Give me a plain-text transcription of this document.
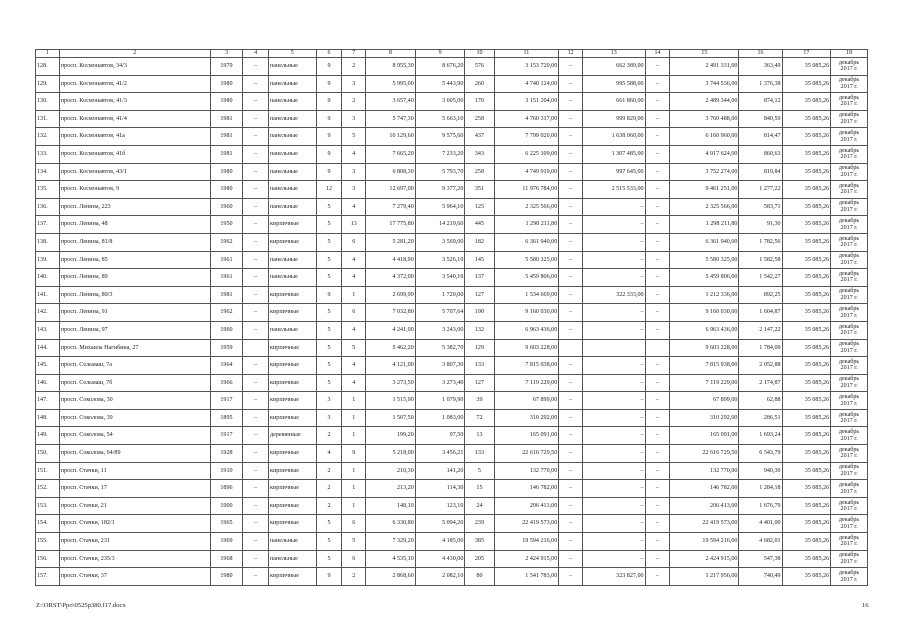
1	2	3	4	5	6	7	8	9	10	11	12	13	14	15	16	17	18
128.	просп. Космонавтов, 34/3	1979	–	панельные	9	2	8 955,30	8 676,20	576	3 153 720,00	–	662 389,00	–	2 491 331,00	363,49	35 085,26	декабрь
2017 г.

129.	просп. Космонавтов, 41/2	1980	–	панельные	9	3	5 995,00	5 443,90	260	4 740 124,00	–	995 588,00	–	3 744 536,00	1 376,38	35 085,26	декабрь
2017 г.

130.	просп. Космонавтов, 41/3	1980	–	панельные	9	2	3 657,40	3 605,00	170	3 151 204,00	–	661 860,00	–	2 489 344,00	874,12	35 085,26	декабрь
2017 г.

131.	просп. Космонавтов, 41/4	1981	–	панельные	9	3	5 747,30	5 663,10	258	4 760 317,00	–	999 829,00	–	3 760 488,00	840,59	35 085,26	декабрь
2017 г.

132.	просп. Космонавтов, 41а	1981	–	панельные	9	5	10 129,60	9 575,60	437	7 799 020,00	–	1 638 060,00	–	6 160 960,00	814,47	35 085,26	декабрь
2017 г.

133.	просп. Космонавтов, 41б	1981	–	панельные	9	4	7 665,20	7 233,20	343	6 225 109,00	–	1 307 485,00	–	4 917 624,00	860,63	35 085,26	декабрь
2017 г.

134.	просп. Космонавтов, 43/1	1980	–	панельные	9	3	6 808,30	5 793,70	258	4 749 919,00	–	997 645,00	–	3 752 274,00	819,84	35 085,26	декабрь
2017 г.

135.	просп. Космонавтов, 9	1980	–	панельные	12	3	12 697,00	9 377,20	351	11 976 784,00	–	2 515 533,00	–	9 461 251,00	1 277,22	35 085,26	декабрь
2017 г.

136.	просп. Ленина, 223	1960	–	панельные	5	4	7 279,40	5 964,10	125	2 325 566,00	–	–	–	2 325 566,00	583,71	35 085,26	декабрь
2017 г.

137.	просп. Ленина, 48	1950	–	кирпичные	5	13	17 775,80	14 219,60	445	1 298 211,80	–	–	–	1 298 211,80	91,30	35 085,26	декабрь
2017 г.

138.	просп. Ленина, 81/8	1962	–	кирпичные	5	6	5 281,20	3 569,00	182	6 361 940,00	–	–	–	6 361 940,00	1 782,56	35 085,26	декабрь
2017 г.

139.	просп. Ленина, 85	1961	–	панельные	5	4	4 418,90	3 526,10	145	5 580 325,00	–	–	–	5 580 325,00	1 582,58	35 085,26	декабрь
2017 г.

140.	просп. Ленина, 89	1961	–	панельные	5	4	4 372,00	3 540,10	137	5 459 806,00	–	–	–	5 459 806,00	1 542,27	35 085,26	декабрь
2017 г.

141.	просп. Ленина, 89/3	1981	–	кирпичные	9	1	2 699,90	1 720,00	127	1 534 669,00	–	322 333,00	–	1 212 336,00	892,25	35 085,26	декабрь
2017 г.

142.	просп. Ленина, 91	1962	–	кирпичные	5	6	7 032,80	5 707,64	190	9 160 030,00	–	–	–	9 160 030,00	1 604,87	35 085,26	декабрь
2017 г.

143.	просп. Ленина, 97	1960	–	панельные	5	4	4 241,00	3 243,00	132	6 963 436,00	–	–	–	6 963 436,00	2 147,22	35 085,26	декабрь
2017 г.

144.	просп. Михаила Нагибина, 27	1959		кирпичные	5	5	5 462,20	5 382,70	129	9 603 228,00				9 603 228,00	1 784,09	35 085,26	декабрь
2017 г.

145.	просп. Сельмаш, 7а	1964	–	кирпичные	5	4	4 121,00	3 807,30	133	7 815 938,00	–	–	–	7 815 938,00	2 052,88	35 085,26	декабрь
2017 г.

146.	просп. Сельмаш, 7б	1966	–	кирпичные	5	4	3 273,50	3 273,40	127	7 119 229,00	–	–	–	7 119 229,00	2 174,87	35 085,26	декабрь
2017 г.

147.	просп. Соколова, 30	1917	–	кирпичные	3	1	1 515,90	1 079,90	39	67 899,00	–	–	–	67 899,00	62,88	35 085,26	декабрь
2017 г.

148.	просп. Соколова, 39	1895	–	кирпичные	3	1	1 507,50	1 083,00	72	310 292,00	–	–	–	310 292,00	286,51	35 085,26	декабрь
2017 г.

149.	просп. Соколова, 54	1917	–	деревянные	2	1	199,20	97,50	13	165 091,00	–	–	–	165 091,00	1 693,24	35 085,26	декабрь
2017 г.

150.	просп. Соколова, 64/89	1928	–	кирпичные	4	9	5 218,00	3 456,21	133	22 616 729,50	–	–	–	22 616 729,50	6 543,79	35 085,26	декабрь
2017 г.

151.	просп. Стачки, 11	1910	–	кирпичные	2	1	210,30	141,20	5	132 770,00	–	–	–	132 770,00	940,30	35 085,26	декабрь
2017 г.

152.	просп. Стачки, 17	1896	–	кирпичные	2	1	213,20	114,30	15	146 782,00	–	–	–	146 782,00	1 284,18	35 085,26	декабрь
2017 г.

153.	просп. Стачки, 21	1900	–	кирпичные	2	1	148,10	123,10	24	206 413,00	–	–	–	206 413,00	1 676,79	35 085,26	декабрь
2017 г.

154.	просп. Стачки, 182/1	1965	–	кирпичные	5	6	6 330,80	5 094,20	239	22 419 573,00	–	–	–	22 419 573,00	4 401,00	35 085,26	декабрь
2017 г.

155.	просп. Стачки, 231	1969	–	панельные	5	5	7 329,20	4 185,00	385	19 594 216,00	–	–	–	19 594 216,00	4 682,01	35 085,26	декабрь
2017 г.

156.	просп. Стачки, 235/3	1968	–	панельные	5	6	4 535,10	4 430,00	205	2 424 915,00	–	–	–	2 424 915,00	547,38	35 085,26	декабрь
2017 г.

157.	просп. Стачки, 37	1980	–	кирпичные	9	2	2 868,60	2 082,10	80	1 541 783,00	–	323 827,00	–	1 217 956,00	740,49	35 085,26	декабрь
2017 г.
Z:\ORST\Ppo\0525p380.f17.docx	16
